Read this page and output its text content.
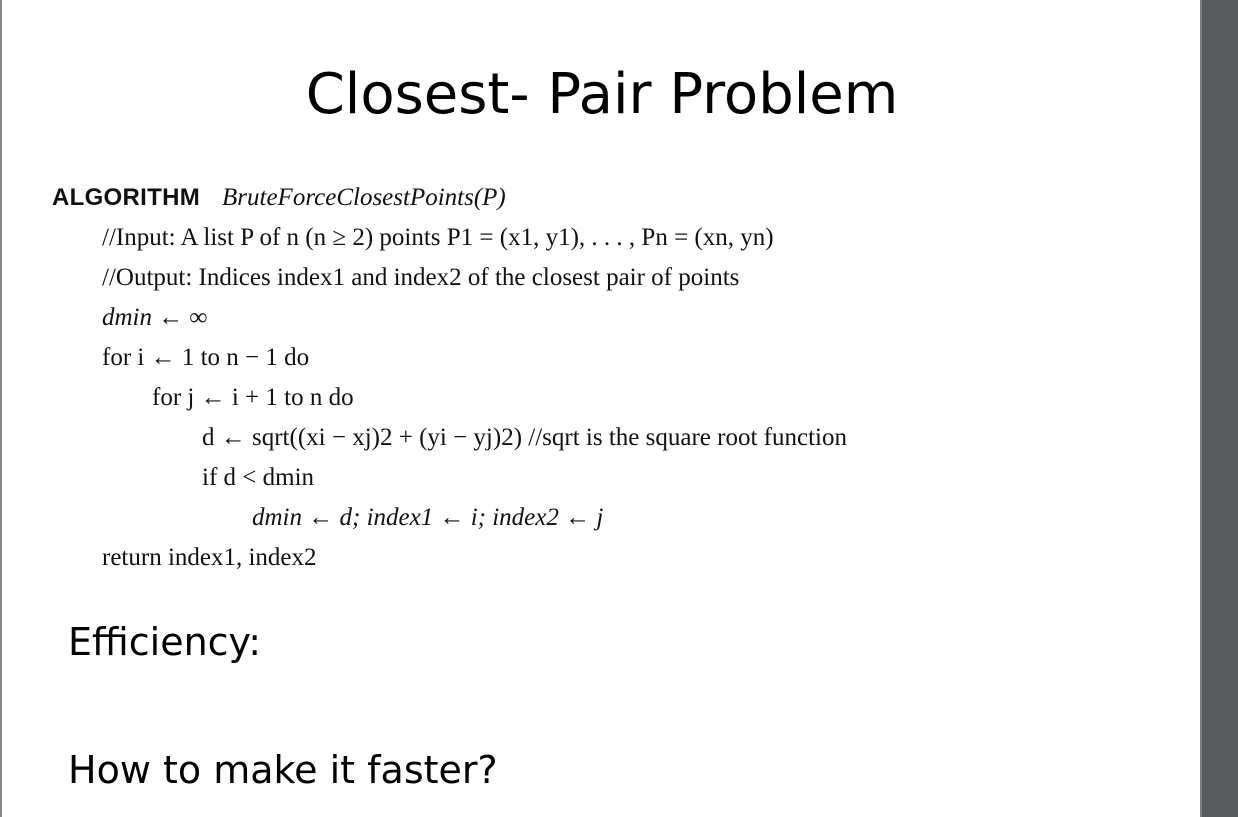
Closest- Pair Problem
ALGORITHM BruteForceClosestPoints(P)
//Input: A list P of n (n ≥ 2) points P1 = (x1, y1), . . . , Pn = (xn, yn)
//Output: Indices index1 and index2 of the closest pair of points
dmin ← ∞
for i ← 1 to n − 1 do
for j ← i + 1 to n do
d ← sqrt((xi − xj)2 + (yi − yj)2) //sqrt is the square root function
if d < dmin
dmin ← d; index1 ← i; index2 ← j
return index1, index2
Efficiency:
How to make it faster?
